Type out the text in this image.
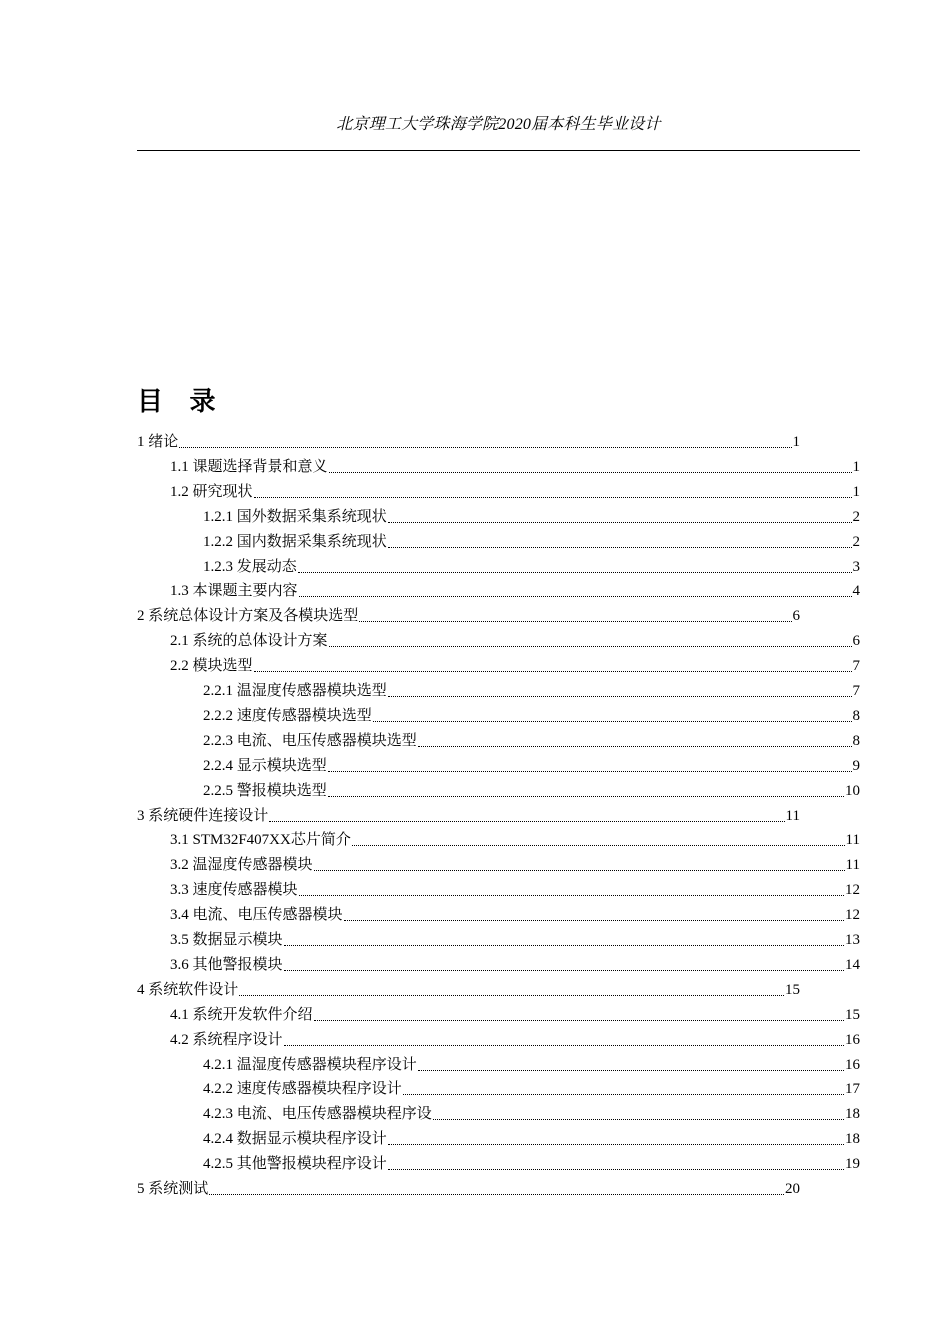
北京理工大学珠海学院2020届本科生毕业设计
目 录
1 绪论	1
1.1 课题选择背景和意义	1
1.2 研究现状	1
1.2.1 国外数据采集系统现状	2
1.2.2 国内数据采集系统现状	2
1.2.3 发展动态	3
1.3 本课题主要内容	4
2 系统总体设计方案及各模块选型	6
2.1 系统的总体设计方案	6
2.2 模块选型	7
2.2.1 温湿度传感器模块选型	7
2.2.2 速度传感器模块选型	8
2.2.3 电流、电压传感器模块选型	8
2.2.4 显示模块选型	9
2.2.5 警报模块选型	10
3 系统硬件连接设计	11
3.1 STM32F407XX芯片简介	11
3.2 温湿度传感器模块	11
3.3 速度传感器模块	12
3.4 电流、电压传感器模块	12
3.5 数据显示模块	13
3.6 其他警报模块	14
4 系统软件设计	15
4.1 系统开发软件介绍	15
4.2 系统程序设计	16
4.2.1 温湿度传感器模块程序设计	16
4.2.2 速度传感器模块程序设计	17
4.2.3 电流、电压传感器模块程序设	18
4.2.4 数据显示模块程序设计	18
4.2.5 其他警报模块程序设计	19
5 系统测试	20
